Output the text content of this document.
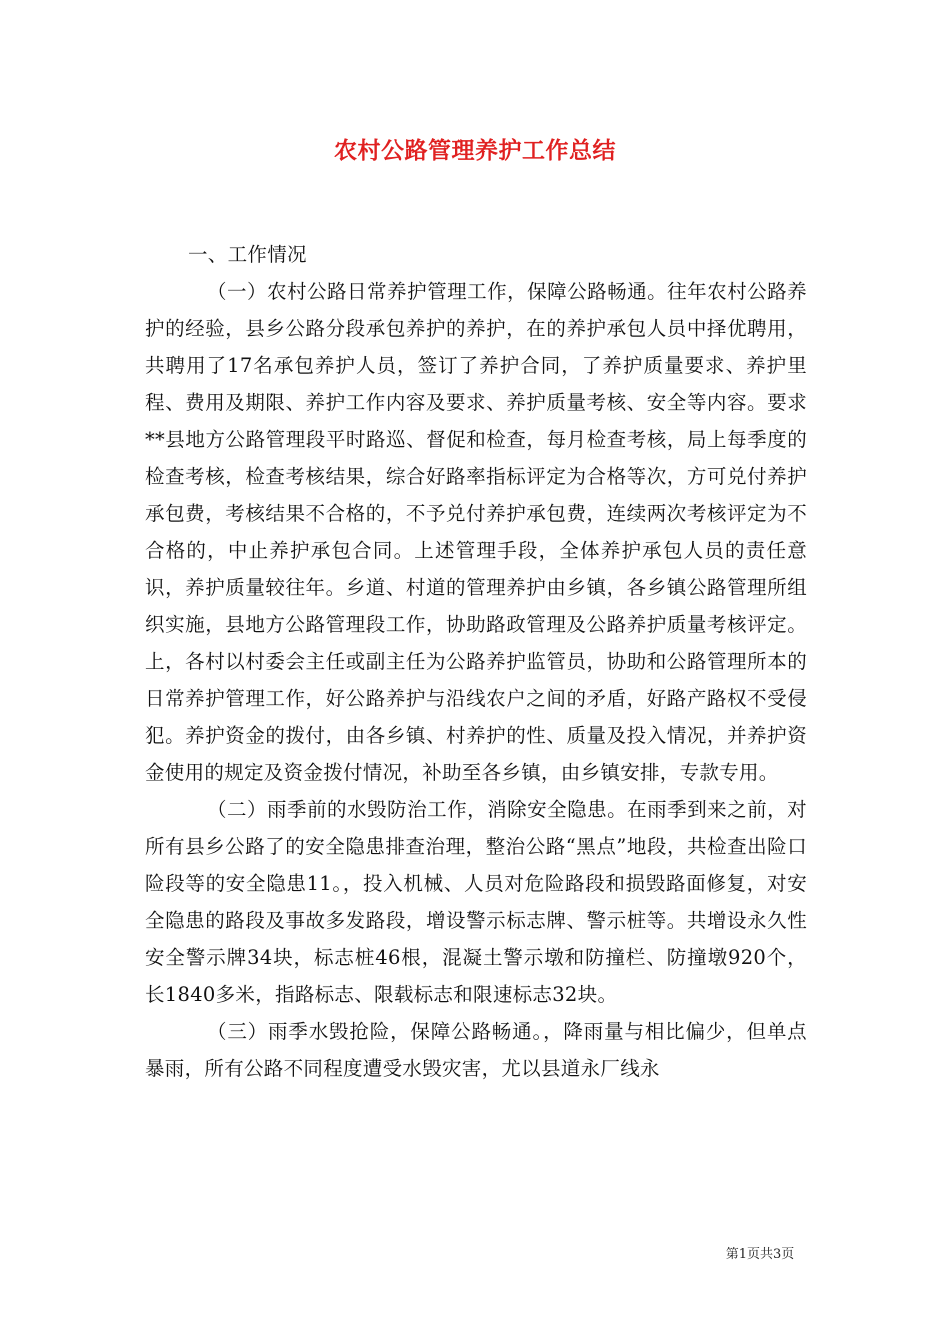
农村公路管理养护工作总结

一、工作情况

（一）农村公路日常养护管理工作，保障公路畅通。往年农村公路养护的经验，县乡公路分段承包养护的养护，在的养护承包人员中择优聘用，共聘用了17名承包养护人员，签订了养护合同，了养护质量要求、养护里程、费用及期限、养护工作内容及要求、养护质量考核、安全等内容。要求**县地方公路管理段平时路巡、督促和检查，每月检查考核，局上每季度的检查考核，检查考核结果，综合好路率指标评定为合格等次，方可兑付养护承包费，考核结果不合格的，不予兑付养护承包费，连续两次考核评定为不合格的，中止养护承包合同。上述管理手段，全体养护承包人员的责任意识，养护质量较往年。乡道、村道的管理养护由乡镇，各乡镇公路管理所组织实施，县地方公路管理段工作，协助路政管理及公路养护质量考核评定。上，各村以村委会主任或副主任为公路养护监管员，协助和公路管理所本的日常养护管理工作，好公路养护与沿线农户之间的矛盾，好路产路权不受侵犯。养护资金的拨付，由各乡镇、村养护的性、质量及投入情况，并养护资金使用的规定及资金拨付情况，补助至各乡镇，由乡镇安排，专款专用。

（二）雨季前的水毁防治工作，消除安全隐患。在雨季到来之前，对所有县乡公路了的安全隐患排查治理，整治公路“黑点”地段，共检查出险口险段等的安全隐患11。，投入机械、人员对危险路段和损毁路面修复，对安全隐患的路段及事故多发路段，增设警示标志牌、警示桩等。共增设永久性安全警示牌34块，标志桩46根，混凝土警示墩和防撞栏、防撞墩920个，长1840多米，指路标志、限载标志和限速标志32块。

（三）雨季水毁抢险，保障公路畅通。，降雨量与相比偏少，但单点暴雨，所有公路不同程度遭受水毁灾害，尤以县道永厂线永

第1页共3页
